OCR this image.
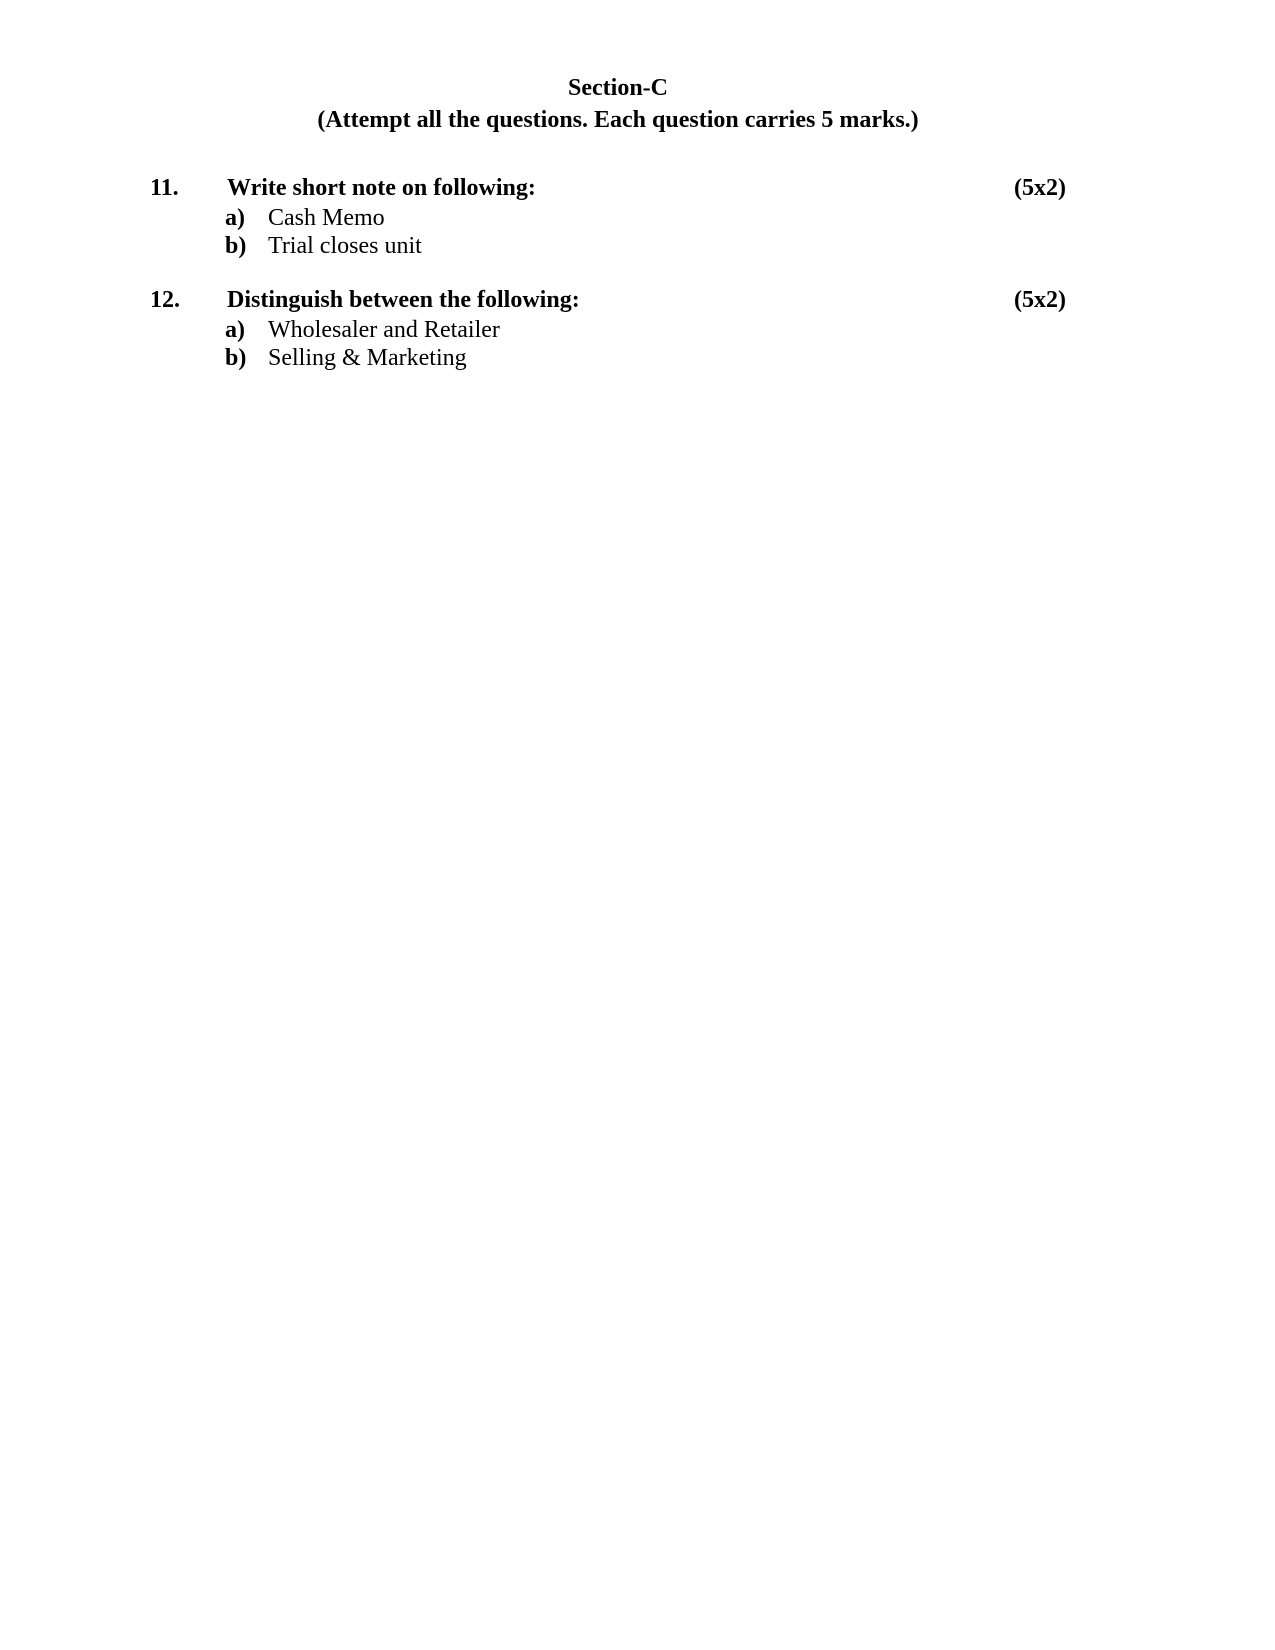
Section-C
(Attempt all the questions. Each question carries 5 marks.)
11. Write short note on following:	(5x2)
a) Cash Memo
b) Trial closes unit
12. Distinguish between the following:	(5x2)
a) Wholesaler and Retailer
b) Selling & Marketing
